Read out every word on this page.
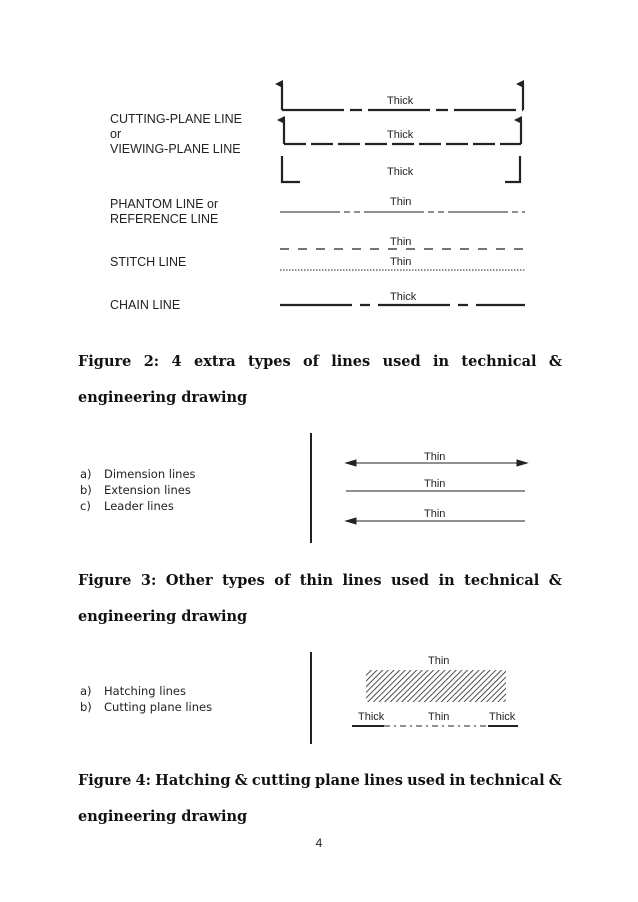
CUTTING-PLANE LINE
or
VIEWING-PLANE LINE
PHANTOM LINE or
REFERENCE LINE
STITCH LINE
CHAIN LINE
Thick
Thick
Thick
Thin
Thin
Thin
Thick
Figure 2: 4 extra types of lines used in technical &
engineering drawing
a) Dimension lines
b) Extension lines
c) Leader lines
Thin
Thin
Thin
Figure 3: Other types of thin lines used in technical &
engineering drawing
a) Hatching lines
b) Cutting plane lines
Thin
Thick	Thin	Thick
Figure 4: Hatching & cutting plane lines used in technical &
engineering drawing
4
